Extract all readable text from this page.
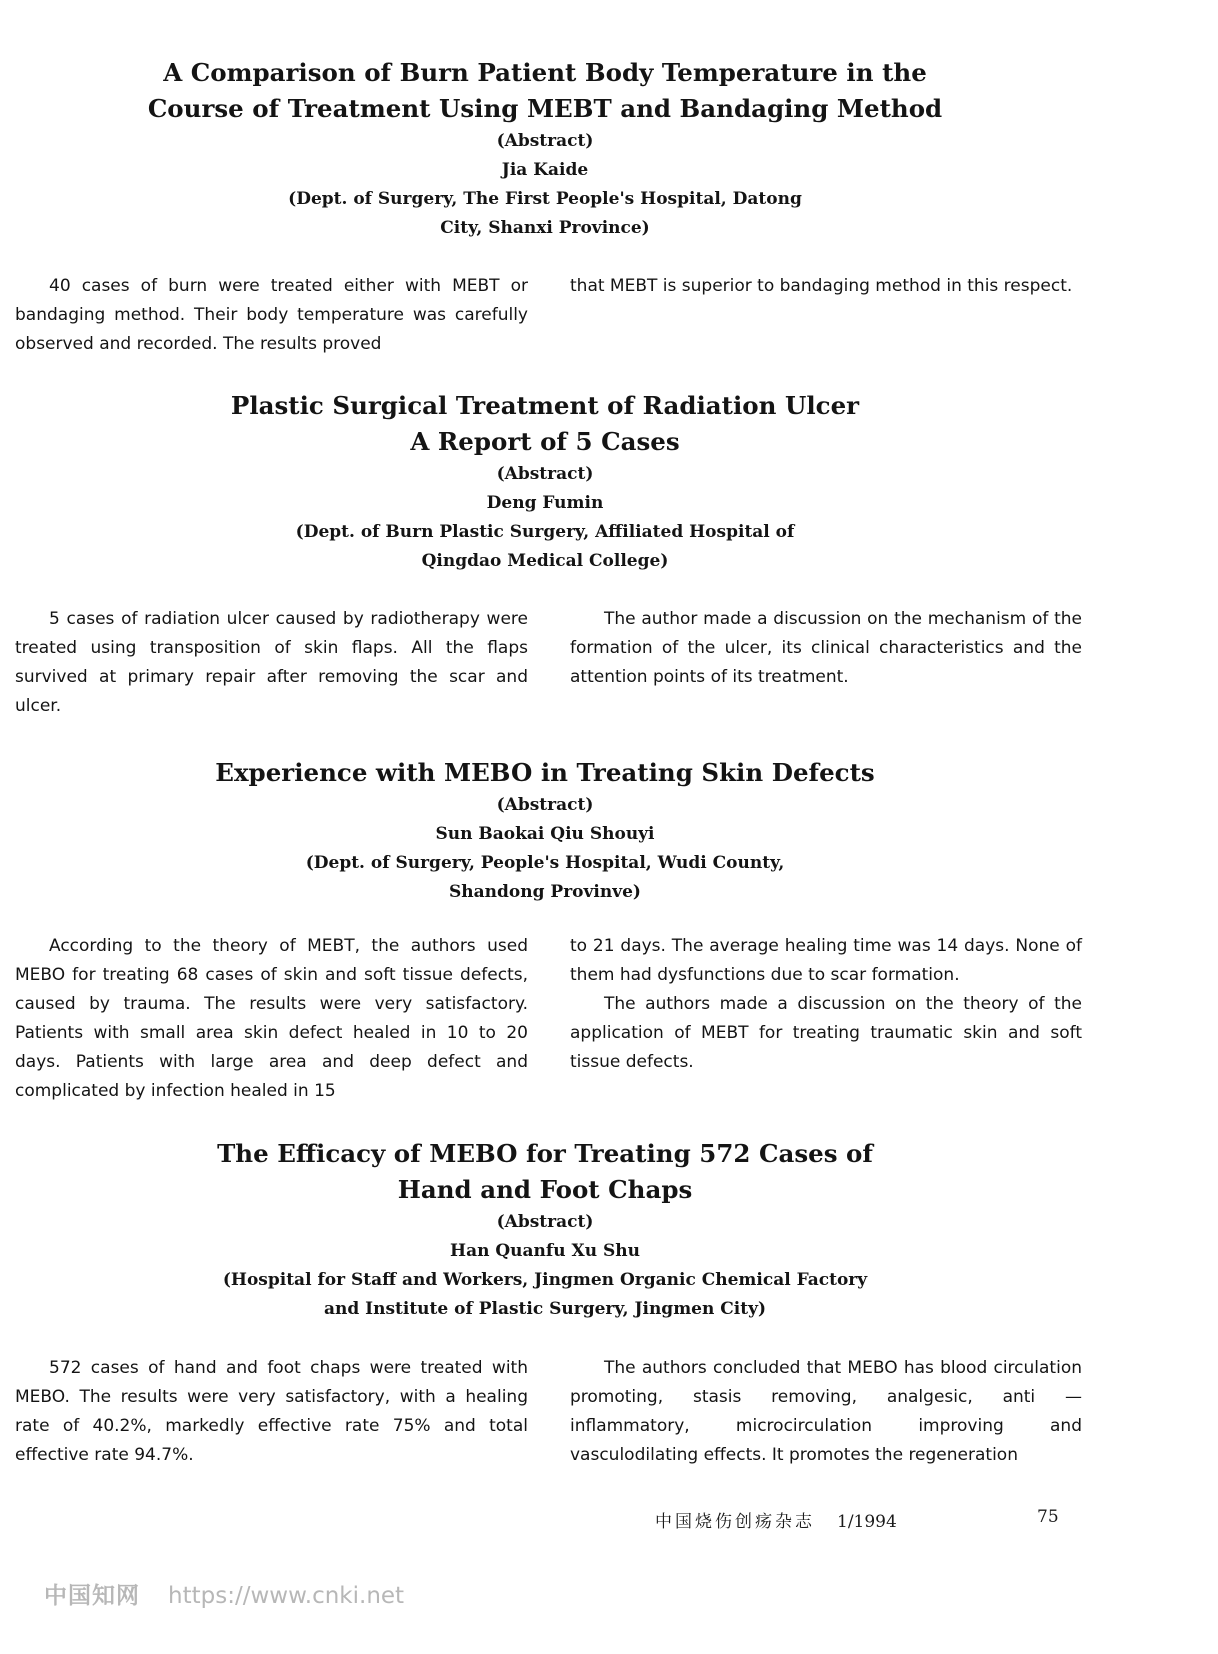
A Comparison of Burn Patient Body Temperature in the
Course of Treatment Using MEBT and Bandaging Method
(Abstract)
Jia Kaide
(Dept. of Surgery, The First People's Hospital, Datong
City, Shanxi Province)

40 cases of burn were treated either with MEBT or bandaging method. Their body temperature was carefully observed and recorded. The results proved

that MEBT is superior to bandaging method in this respect.

Plastic Surgical Treatment of Radiation Ulcer
A Report of 5 Cases
(Abstract)
Deng Fumin
(Dept. of Burn Plastic Surgery, Affiliated Hospital of
Qingdao Medical College)

5 cases of radiation ulcer caused by radiotherapy were treated using transposition of skin flaps. All the flaps survived at primary repair after removing the scar and ulcer.

The author made a discussion on the mechanism of the formation of the ulcer, its clinical characteristics and the attention points of its treatment.

Experience with MEBO in Treating Skin Defects
(Abstract)
Sun Baokai Qiu Shouyi
(Dept. of Surgery, People's Hospital, Wudi County,
Shandong Provinve)

According to the theory of MEBT, the authors used MEBO for treating 68 cases of skin and soft tissue defects, caused by trauma. The results were very satisfactory. Patients with small area skin defect healed in 10 to 20 days. Patients with large area and deep defect and complicated by infection healed in 15

to 21 days. The average healing time was 14 days. None of them had dysfunctions due to scar formation.

The authors made a discussion on the theory of the application of MEBT for treating traumatic skin and soft tissue defects.

The Efficacy of MEBO for Treating 572 Cases of
Hand and Foot Chaps
(Abstract)
Han Quanfu Xu Shu
(Hospital for Staff and Workers, Jingmen Organic Chemical Factory
and Institute of Plastic Surgery, Jingmen City)

572 cases of hand and foot chaps were treated with MEBO. The results were very satisfactory, with a healing rate of 40.2%, markedly effective rate 75% and total effective rate 94.7%.

The authors concluded that MEBO has blood circulation promoting, stasis removing, analgesic, anti — inflammatory, microcirculation improving and vasculodilating effects. It promotes the regeneration

中国烧伤创疡杂志 1/1994	75
中国知网 https://www.cnki.net
